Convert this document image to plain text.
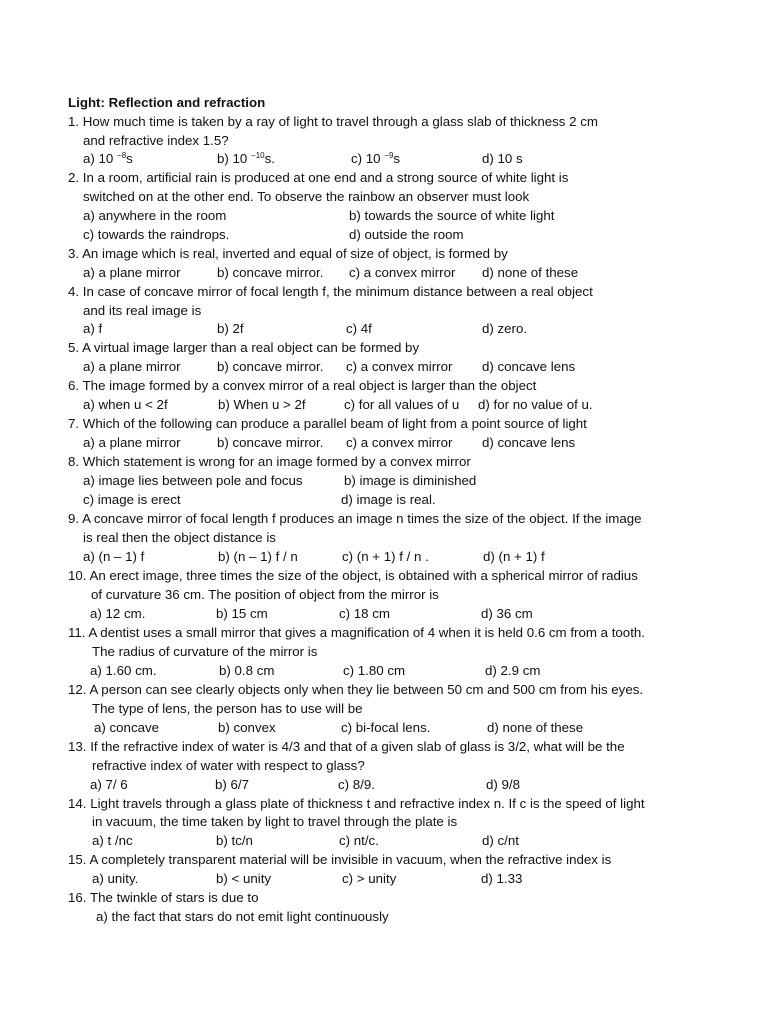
Light: Reflection and refraction
1. How much time is taken by a ray of light to travel through a glass slab of thickness 2 cm
and refractive index 1.5?
a) 10 $^{-8}$s	b) 10 $^{-10}$s.	c) 10 $^{-9}$s	d) 10 s
2. In a room, artificial rain is produced at one end and a strong source of white light is
switched on at the other end. To observe the rainbow an observer must look
a) anywhere in the room	b) towards the source of white light
c) towards the raindrops.	d) outside the room
3. An image which is real, inverted and equal of size of object, is formed by
a) a plane mirror	b) concave mirror. c) a convex mirror d) none of these
4. In case of concave mirror of focal length f, the minimum distance between a real object
and its real image is
a) f	b) 2f	c) 4f	d) zero.
5. A virtual image larger than a real object can be formed by
a) a plane mirror	b) concave mirror. c) a convex mirror d) concave lens
6. The image formed by a convex mirror of a real object is larger than the object
a) when u < 2f	b) When u > 2f	c) for all values of u d) for no value of u.
7. Which of the following can produce a parallel beam of light from a point source of light
a) a plane mirror	b) concave mirror. c) a convex mirror d) concave lens
8. Which statement is wrong for an image formed by a convex mirror
a) image lies between pole and focus	b) image is diminished
c) image is erect	d) image is real.
9. A concave mirror of focal length f produces an image n times the size of the object. If the image
is real then the object distance is
a) (n – 1) f	b) (n – 1) f / n	c) (n + 1) f / n .	d) (n + 1) f
10. An erect image, three times the size of the object, is obtained with a spherical mirror of radius
of curvature 36 cm. The position of object from the mirror is
a) 12 cm.	b) 15 cm	c) 18 cm	d) 36 cm
11. A dentist uses a small mirror that gives a magnification of 4 when it is held 0.6 cm from a tooth.
The radius of curvature of the mirror is
a) 1.60 cm.	b) 0.8 cm	c) 1.80 cm	d) 2.9 cm
12. A person can see clearly objects only when they lie between 50 cm and 500 cm from his eyes.
The type of lens, the person has to use will be
a) concave	b) convex	c) bi-focal lens.	d) none of these
13. If the refractive index of water is 4/3 and that of a given slab of glass is 3/2, what will be the
refractive index of water with respect to glass?
a) 7/ 6	b) 6/7	c) 8/9.	d) 9/8
14. Light travels through a glass plate of thickness t and refractive index n. If c is the speed of light
in vacuum, the time taken by light to travel through the plate is
a) t /nc	b) tc/n	c) nt/c.	d) c/nt
15. A completely transparent material will be invisible in vacuum, when the refractive index is
a) unity.	b) < unity	c) > unity	d) 1.33
16. The twinkle of stars is due to
a) the fact that stars do not emit light continuously
